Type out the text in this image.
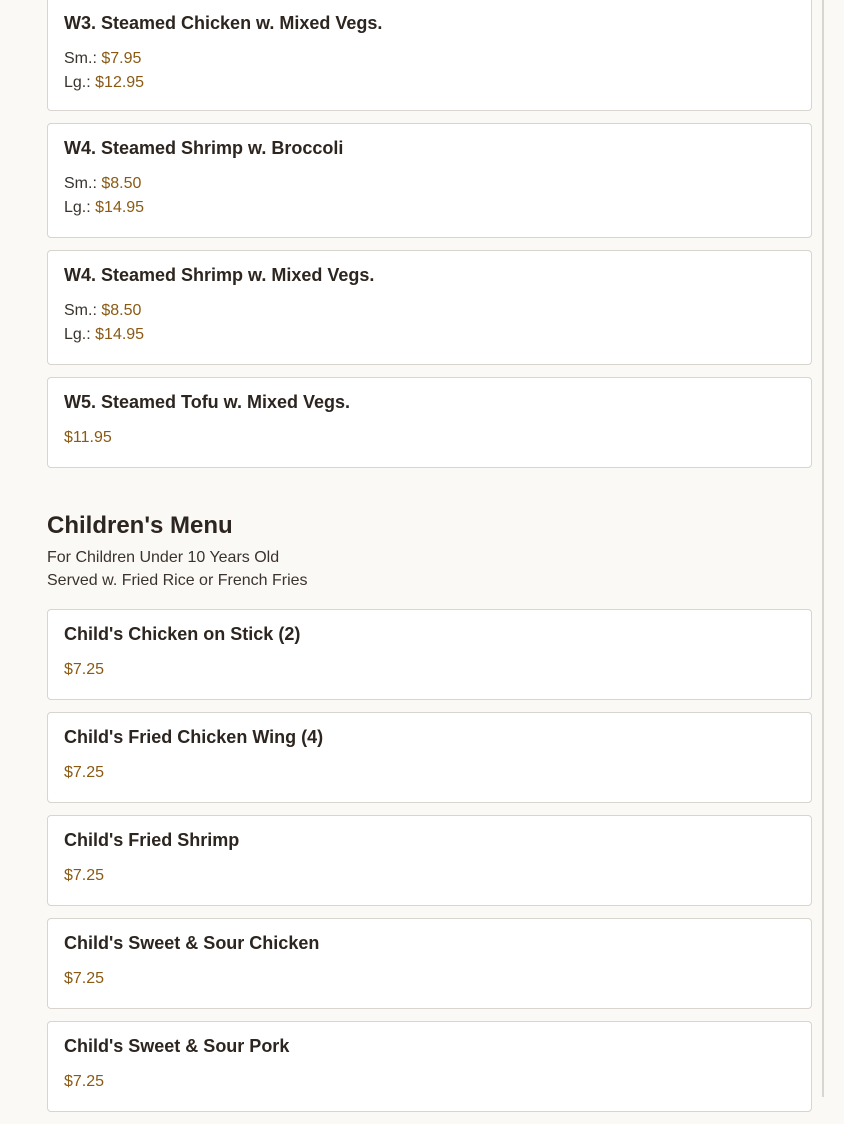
W3. Steamed Chicken w. Mixed Vegs.
Sm.: $7.95
Lg.: $12.95
W4. Steamed Shrimp w. Broccoli
Sm.: $8.50
Lg.: $14.95
W4. Steamed Shrimp w. Mixed Vegs.
Sm.: $8.50
Lg.: $14.95
W5. Steamed Tofu w. Mixed Vegs.
$11.95
Children's Menu
For Children Under 10 Years Old
Served w. Fried Rice or French Fries
Child's Chicken on Stick (2)
$7.25
Child's Fried Chicken Wing (4)
$7.25
Child's Fried Shrimp
$7.25
Child's Sweet & Sour Chicken
$7.25
Child's Sweet & Sour Pork
$7.25
